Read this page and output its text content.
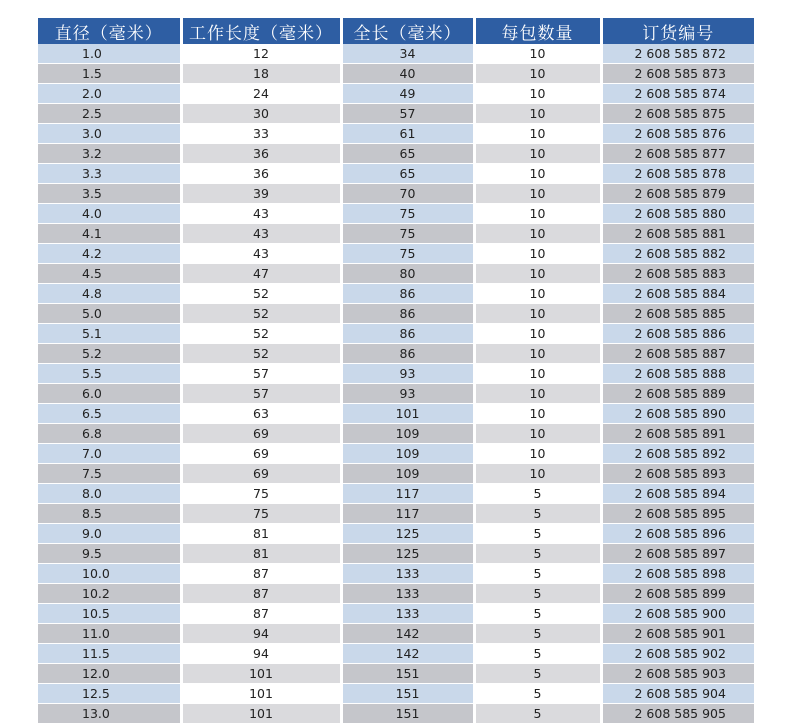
直径（毫米）	工作长度（毫米）	全长（毫米）	每包数量	订货编号
1.0	12	34	10	2 608 585 872
1.5	18	40	10	2 608 585 873
2.0	24	49	10	2 608 585 874
2.5	30	57	10	2 608 585 875
3.0	33	61	10	2 608 585 876
3.2	36	65	10	2 608 585 877
3.3	36	65	10	2 608 585 878
3.5	39	70	10	2 608 585 879
4.0	43	75	10	2 608 585 880
4.1	43	75	10	2 608 585 881
4.2	43	75	10	2 608 585 882
4.5	47	80	10	2 608 585 883
4.8	52	86	10	2 608 585 884
5.0	52	86	10	2 608 585 885
5.1	52	86	10	2 608 585 886
5.2	52	86	10	2 608 585 887
5.5	57	93	10	2 608 585 888
6.0	57	93	10	2 608 585 889
6.5	63	101	10	2 608 585 890
6.8	69	109	10	2 608 585 891
7.0	69	109	10	2 608 585 892
7.5	69	109	10	2 608 585 893
8.0	75	117	5	2 608 585 894
8.5	75	117	5	2 608 585 895
9.0	81	125	5	2 608 585 896
9.5	81	125	5	2 608 585 897
10.0	87	133	5	2 608 585 898
10.2	87	133	5	2 608 585 899
10.5	87	133	5	2 608 585 900
11.0	94	142	5	2 608 585 901
11.5	94	142	5	2 608 585 902
12.0	101	151	5	2 608 585 903
12.5	101	151	5	2 608 585 904
13.0	101	151	5	2 608 585 905
